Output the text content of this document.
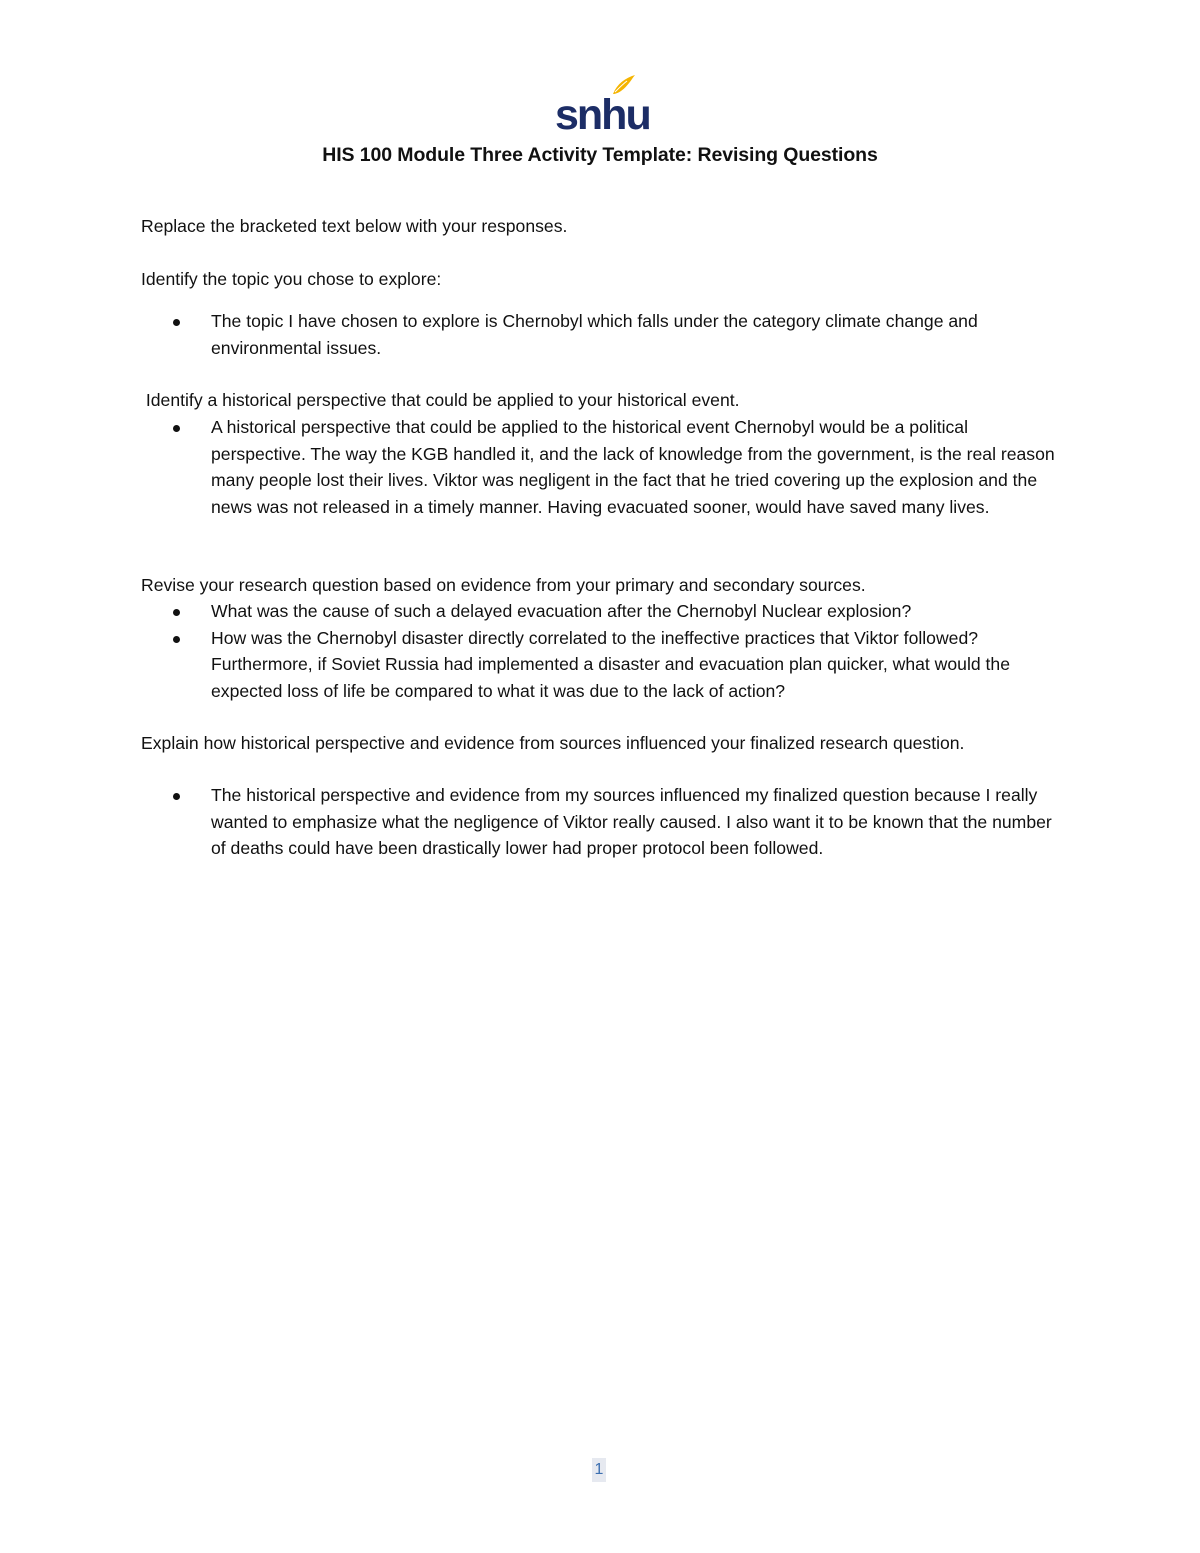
snhu
HIS 100 Module Three Activity Template: Revising Questions

Replace the bracketed text below with your responses.

Identify the topic you chose to explore:

The topic I have chosen to explore is Chernobyl which falls under the category climate change and environmental issues.

Identify a historical perspective that could be applied to your historical event.

A historical perspective that could be applied to the historical event Chernobyl would be a political perspective. The way the KGB handled it, and the lack of knowledge from the government, is the real reason many people lost their lives. Viktor was negligent in the fact that he tried covering up the explosion and the news was not released in a timely manner. Having evacuated sooner, would have saved many lives.

Revise your research question based on evidence from your primary and secondary sources.

What was the cause of such a delayed evacuation after the Chernobyl Nuclear explosion?
How was the Chernobyl disaster directly correlated to the ineffective practices that Viktor followed? Furthermore, if Soviet Russia had implemented a disaster and evacuation plan quicker, what would the expected loss of life be compared to what it was due to the lack of action?

Explain how historical perspective and evidence from sources influenced your finalized research question.

The historical perspective and evidence from my sources influenced my finalized question because I really wanted to emphasize what the negligence of Viktor really caused. I also want it to be known that the number of deaths could have been drastically lower had proper protocol been followed.
1
